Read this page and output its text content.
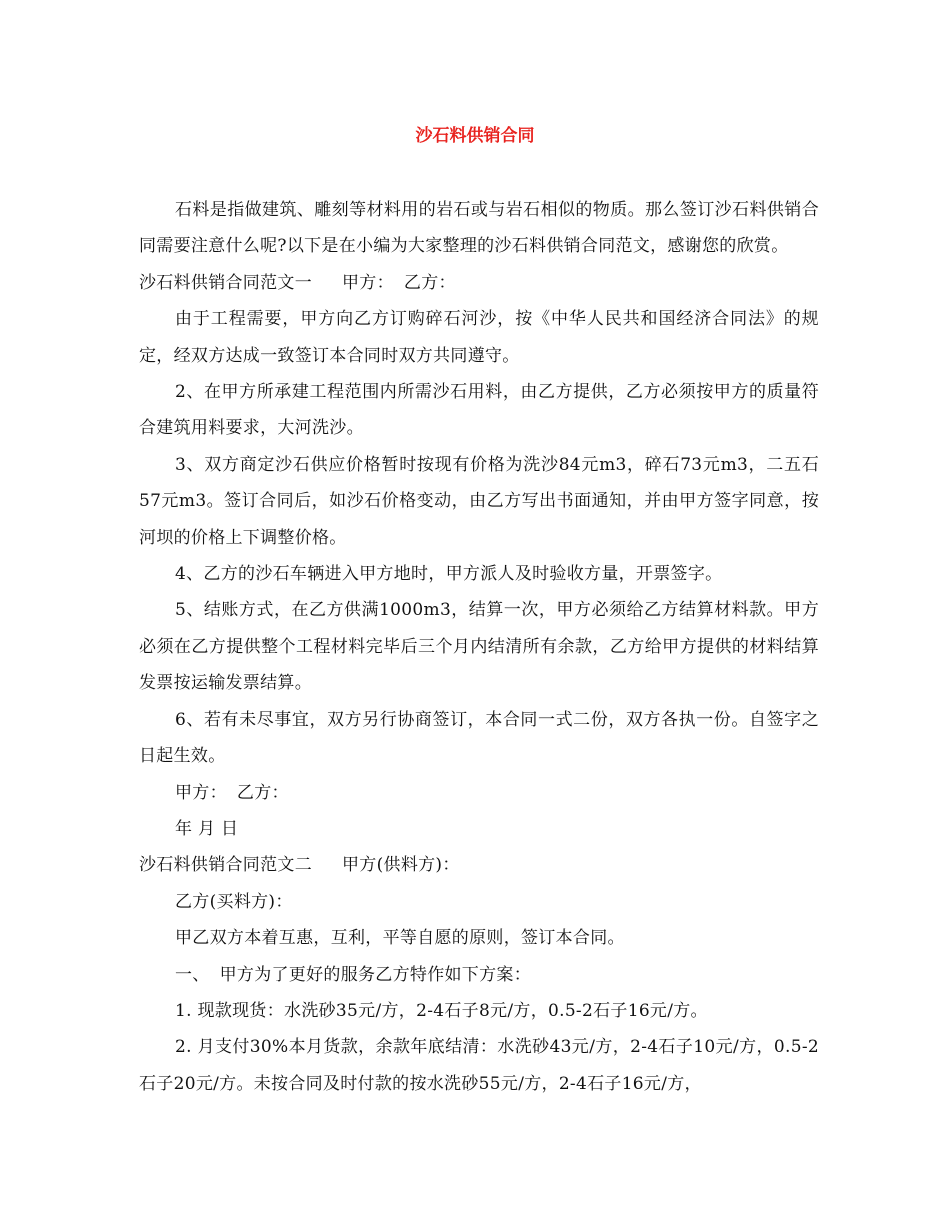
沙石料供销合同

石料是指做建筑、雕刻等材料用的岩石或与岩石相似的物质。那么签订沙石料供销合同需要注意什么呢?以下是在小编为大家整理的沙石料供销合同范文，感谢您的欣赏。

沙石料供销合同范文一 甲方： 乙方：

由于工程需要，甲方向乙方订购碎石河沙，按《中华人民共和国经济合同法》的规定，经双方达成一致签订本合同时双方共同遵守。

2、在甲方所承建工程范围内所需沙石用料，由乙方提供，乙方必须按甲方的质量符合建筑用料要求，大河洗沙。

3、双方商定沙石供应价格暂时按现有价格为洗沙84元m3，碎石73元m3，二五石57元m3。签订合同后，如沙石价格变动，由乙方写出书面通知，并由甲方签字同意，按河坝的价格上下调整价格。

4、乙方的沙石车辆进入甲方地时，甲方派人及时验收方量，开票签字。

5、结账方式，在乙方供满1000m3，结算一次，甲方必须给乙方结算材料款。甲方必须在乙方提供整个工程材料完毕后三个月内结清所有余款，乙方给甲方提供的材料结算发票按运输发票结算。

6、若有未尽事宜，双方另行协商签订，本合同一式二份，双方各执一份。自签字之日起生效。

甲方： 乙方：

年 月 日

沙石料供销合同范文二 甲方(供料方)：

乙方(买料方)：

甲乙双方本着互惠，互利，平等自愿的原则，签订本合同。

一、 甲方为了更好的服务乙方特作如下方案：

1. 现款现货：水洗砂35元/方，2-4石子8元/方，0.5-2石子16元/方。

2. 月支付30%本月货款，余款年底结清：水洗砂43元/方，2-4石子10元/方，0.5-2石子20元/方。未按合同及时付款的按水洗砂55元/方，2-4石子16元/方，
